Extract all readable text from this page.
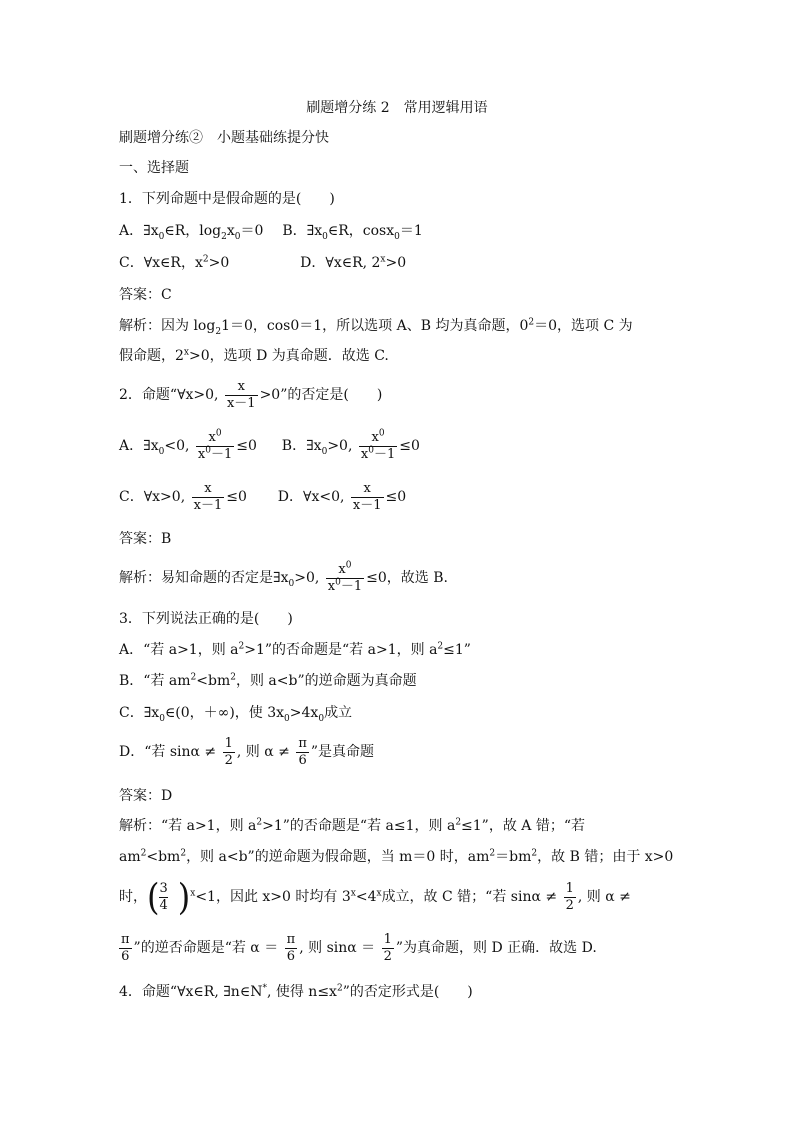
刷题增分练 2　常用逻辑用语
刷题增分练②　小题基础练提分快
一、选择题
1．下列命题中是假命题的是(　　)
A．$\exists x_0\in R$，$\log_2x_0=0$ B．$\exists x_0\in R$，cosx$_0$＝1
C．∀x∈R，$x^2>0$	D．∀x∈R, $2^x>0$
答案：C
解析：因为 $\log_21=0$，cos0＝1，所以选项 A、B 均为真命题，$0^2=0$，选项 C 为
假命题，$2^x>0$，选项 D 为真命题．故选 C.
2．命题“∀x>0, $\frac{x}{x-1} >0$”的否定是(　　)
A．$\exists x_0<0$, $\frac{x^0}{x^0-1} \le 0$ B．$\exists x_0>0$, $\frac{x^0}{x^0-1} \le 0$
C．∀x>0, $\frac{x}{x-1} \le 0$ D．∀x<0, $\frac{x}{x-1} \le 0$
答案：B
解析：易知命题的否定是$\exists x_0>0$, $\frac{x^0}{x^0-1} \le 0$，故选 B.
3．下列说法正确的是(　　)
A．“若 a>1，则 $a^2>1$”的否命题是“若 a>1，则 $a^2\le 1$”
B．“若 $am^2<bm^2$，则 a<b”的逆命题为真命题
C．$\exists x_0\in(0$，＋∞)，使 $3x_0>4x_0$成立
D．“若 $\sin\alpha \ne \frac{1}{2}$ , 则 $\alpha \ne \frac{\pi}{6}$ ”是真命题
答案：D
解析：“若 a>1，则 $a^2>1$”的否命题是“若 a≤1，则 $a^2\le 1$”，故 A 错；“若
$am^2<bm^2$，则 a<b”的逆命题为假命题，当 m＝0 时，$am^2=bm^2$，故 B 错；由于 x>0
时，( $\frac{3}{4} )^x<1$，因此 x>0 时均有 $3^x<4^x$成立，故 C 错；“若 $\sin\alpha \ne \frac{1}{2}$ , 则 α ≠
$\frac{\pi}{6}$ ”的逆否命题是“若 $\alpha = \frac{\pi}{6}$ , 则 $\sin\alpha = \frac{1}{2}$ ”为真命题，则 D 正确．故选 D.
4．命题“∀x∈R, ∃n∈N*, 使得 $n\le x^2$”的否定形式是(　　)
